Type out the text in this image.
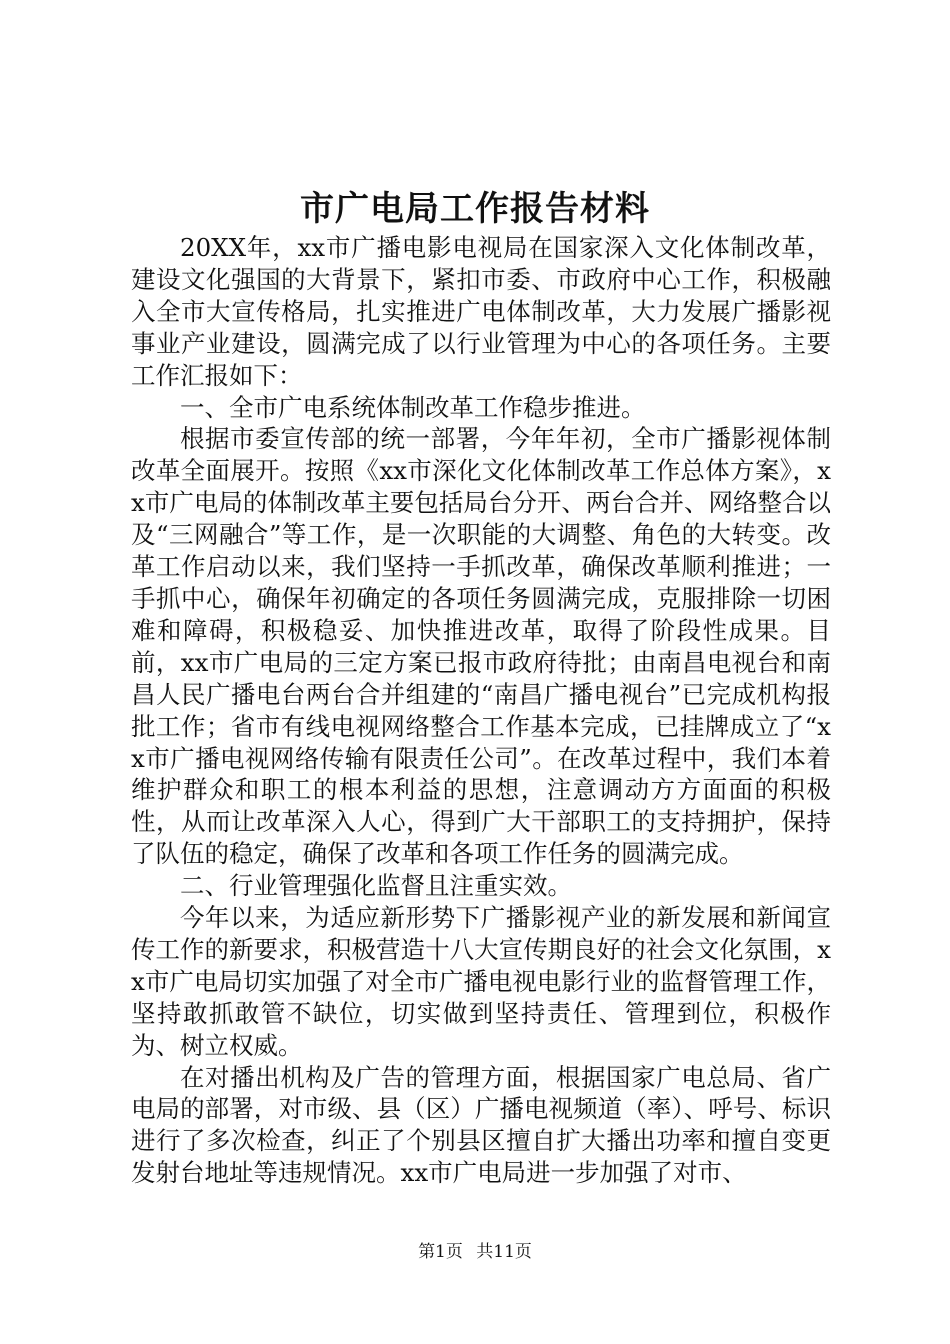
市广电局工作报告材料

20XX年，xx市广播电影电视局在国家深入文化体制改革，建设文化强国的大背景下，紧扣市委、市政府中心工作，积极融入全市大宣传格局，扎实推进广电体制改革，大力发展广播影视事业产业建设，圆满完成了以行业管理为中心的各项任务。主要工作汇报如下：

一、全市广电系统体制改革工作稳步推进。

根据市委宣传部的统一部署，今年年初，全市广播影视体制改革全面展开。按照《xx市深化文化体制改革工作总体方案》，xx市广电局的体制改革主要包括局台分开、两台合并、网络整合以及“三网融合”等工作，是一次职能的大调整、角色的大转变。改革工作启动以来，我们坚持一手抓改革，确保改革顺利推进；一手抓中心，确保年初确定的各项任务圆满完成，克服排除一切困难和障碍，积极稳妥、加快推进改革，取得了阶段性成果。目前，xx市广电局的三定方案已报市政府待批；由南昌电视台和南昌人民广播电台两台合并组建的“南昌广播电视台”已完成机构报批工作；省市有线电视网络整合工作基本完成，已挂牌成立了“xx市广播电视网络传输有限责任公司”。在改革过程中，我们本着维护群众和职工的根本利益的思想，注意调动方方面面的积极性，从而让改革深入人心，得到广大干部职工的支持拥护，保持了队伍的稳定，确保了改革和各项工作任务的圆满完成。

二、行业管理强化监督且注重实效。

今年以来，为适应新形势下广播影视产业的新发展和新闻宣传工作的新要求，积极营造十八大宣传期良好的社会文化氛围，xx市广电局切实加强了对全市广播电视电影行业的监督管理工作，坚持敢抓敢管不缺位，切实做到坚持责任、管理到位，积极作为、树立权威。

在对播出机构及广告的管理方面，根据国家广电总局、省广电局的部署，对市级、县（区）广播电视频道（率）、呼号、标识进行了多次检查，纠正了个别县区擅自扩大播出功率和擅自变更发射台地址等违规情况。xx市广电局进一步加强了对市、

第1页 共11页
